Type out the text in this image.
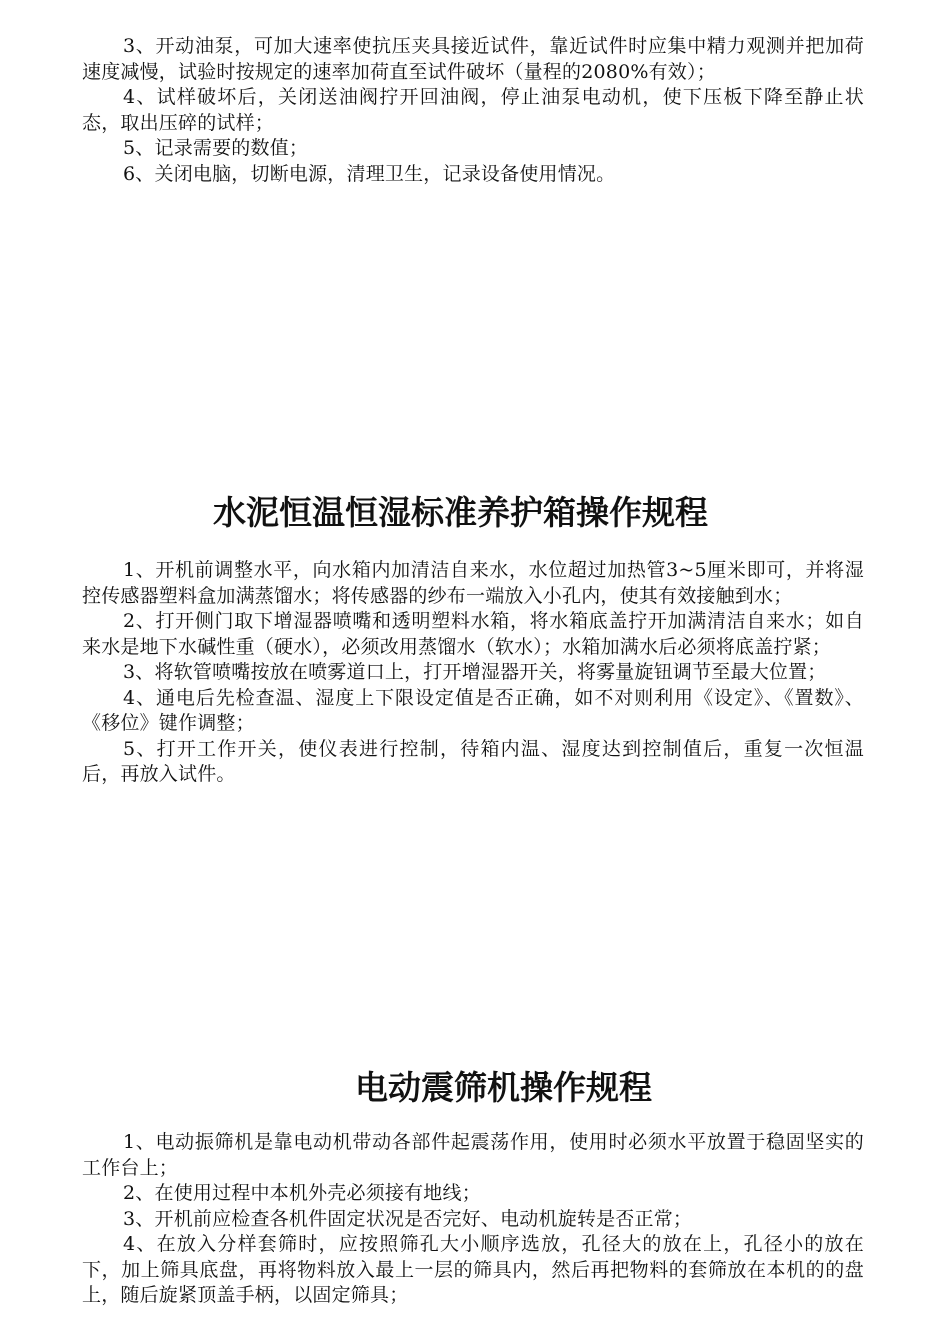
3、开动油泵，可加大速率使抗压夹具接近试件，靠近试件时应集中精力观测并把加荷速度减慢，试验时按规定的速率加荷直至试件破坏（量程的2080%有效）；

4、试样破坏后，关闭送油阀拧开回油阀，停止油泵电动机，使下压板下降至静止状态，取出压碎的试样；

5、记录需要的数值；

6、关闭电脑，切断电源，清理卫生，记录设备使用情况。

水泥恒温恒湿标准养护箱操作规程

1、开机前调整水平，向水箱内加清洁自来水，水位超过加热管3~5厘米即可，并将湿控传感器塑料盒加满蒸馏水；将传感器的纱布一端放入小孔内，使其有效接触到水；

2、打开侧门取下增湿器喷嘴和透明塑料水箱，将水箱底盖拧开加满清洁自来水；如自来水是地下水碱性重（硬水），必须改用蒸馏水（软水）；水箱加满水后必须将底盖拧紧；

3、将软管喷嘴按放在喷雾道口上，打开增湿器开关，将雾量旋钮调节至最大位置；

4、通电后先检查温、湿度上下限设定值是否正确，如不对则利用《设定》、《置数》、《移位》键作调整；

5、打开工作开关，使仪表进行控制，待箱内温、湿度达到控制值后，重复一次恒温后，再放入试件。

电动震筛机操作规程

1、电动振筛机是靠电动机带动各部件起震荡作用，使用时必须水平放置于稳固坚实的工作台上；

2、在使用过程中本机外壳必须接有地线；

3、开机前应检查各机件固定状况是否完好、电动机旋转是否正常；

4、在放入分样套筛时，应按照筛孔大小顺序选放，孔径大的放在上，孔径小的放在下，加上筛具底盘，再将物料放入最上一层的筛具内，然后再把物料的套筛放在本机的的盘上，随后旋紧顶盖手柄，以固定筛具；
